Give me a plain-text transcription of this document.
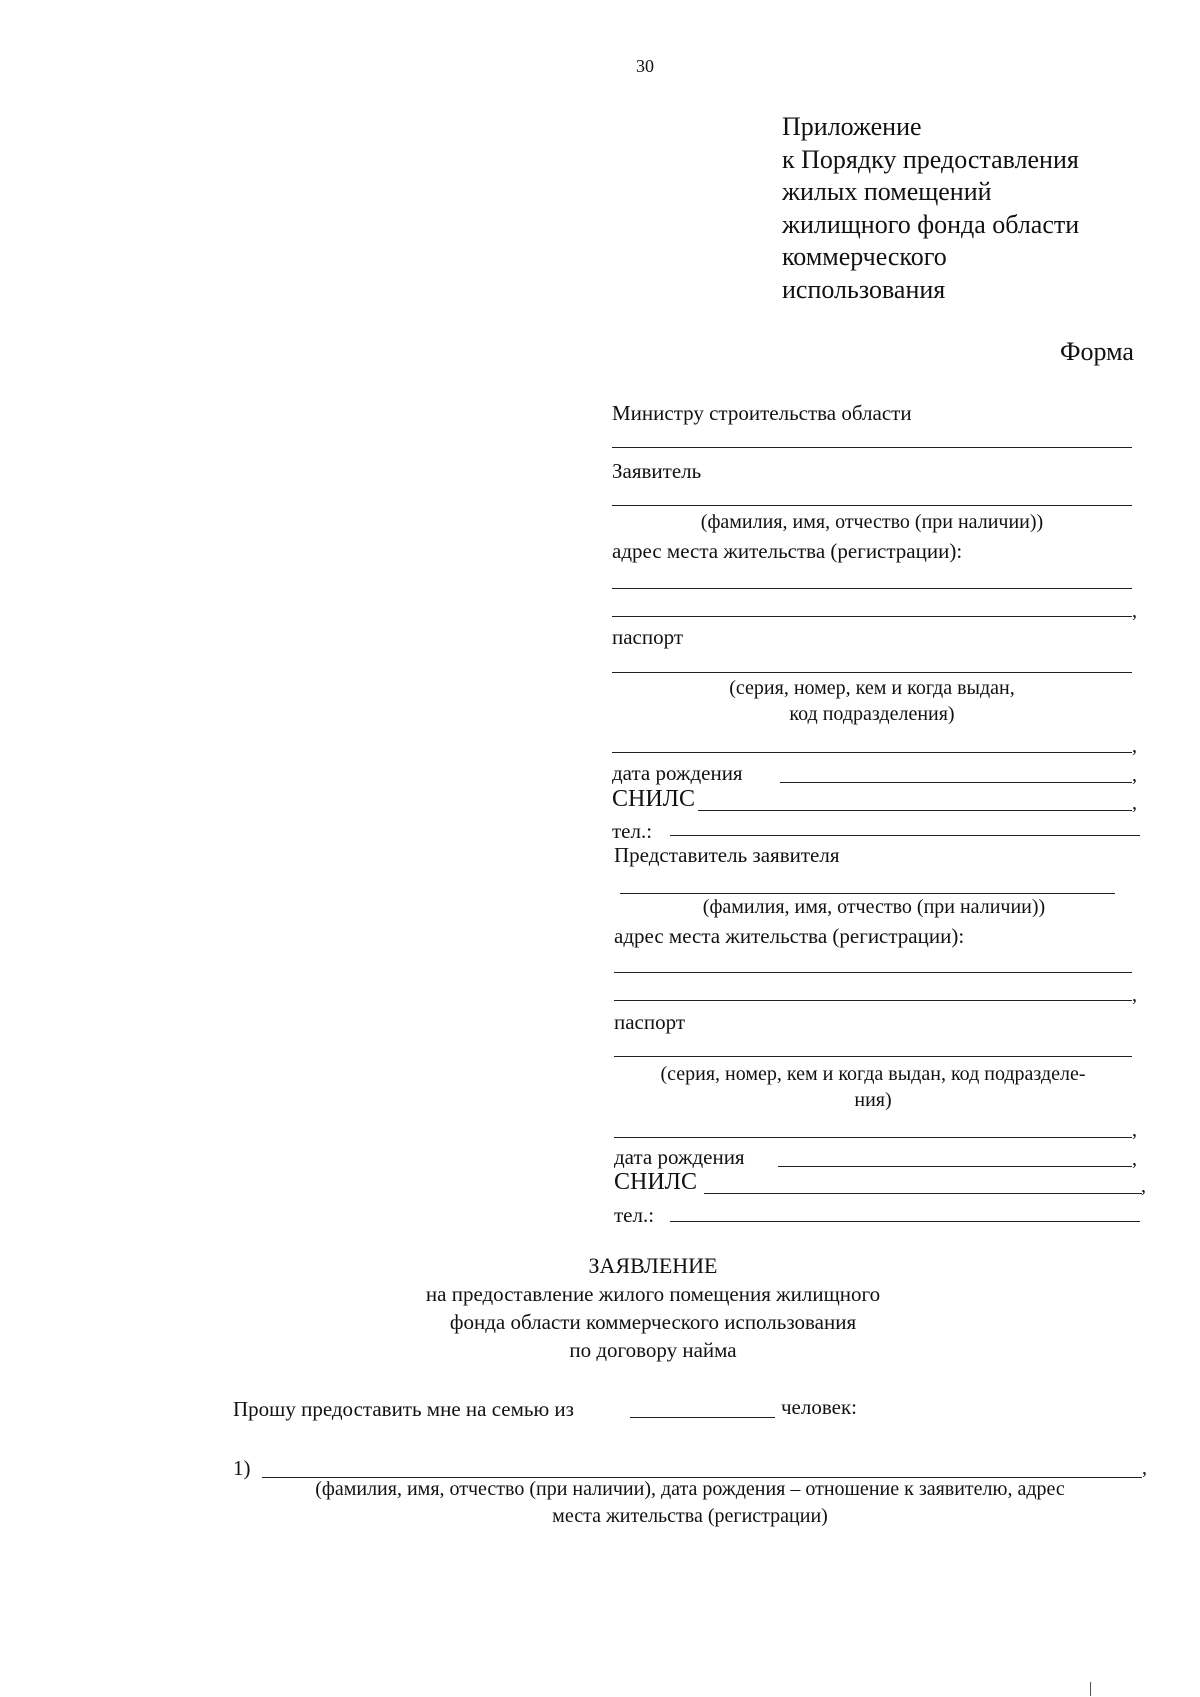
30
Приложение
к Порядку предоставления
жилых помещений
жилищного фонда области
коммерческого
использования
Форма
Министру строительства области
Заявитель
(фамилия, имя, отчество (при наличии))
адрес места жительства (регистрации):
,
паспорт
(серия, номер, кем и когда выдан,
код подразделения)
,
дата рождения	,
СНИЛС	,
тел.:
Представитель заявителя
(фамилия, имя, отчество (при наличии))
адрес места жительства (регистрации):
,
паспорт
(серия, номер, кем и когда выдан, код подразделе-
ния)
,
дата рождения	,
СНИЛС	,
тел.:
ЗАЯВЛЕНИЕ
на предоставление жилого помещения жилищного
фонда области коммерческого использования
по договору найма
Прошу предоставить мне на семью из	человек:
1)	,
(фамилия, имя, отчество (при наличии), дата рождения – отношение к заявителю, адрес
места жительства (регистрации)
